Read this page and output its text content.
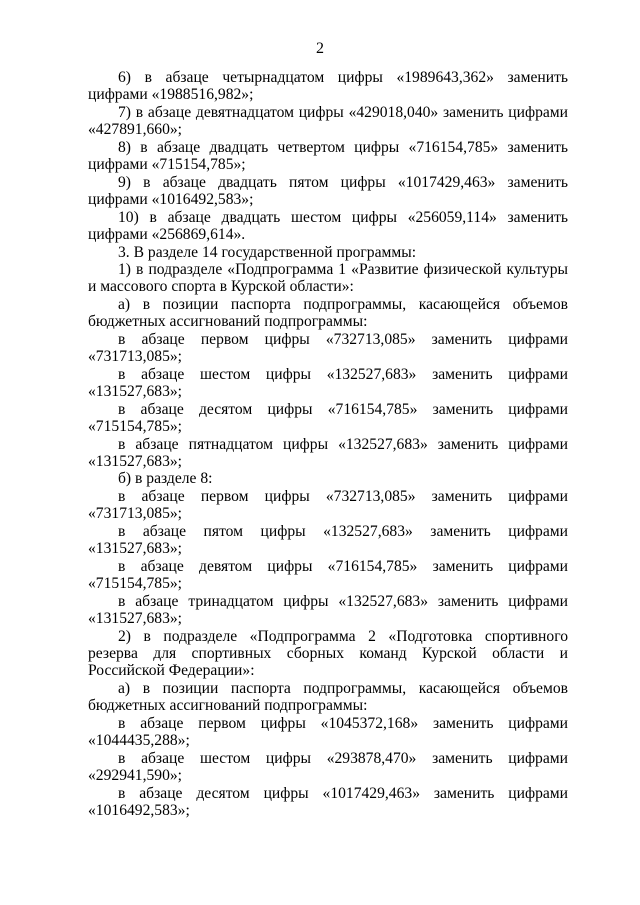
2

6) в абзаце четырнадцатом цифры «1989643,362» заменить цифрами «1988516,982»;

7) в абзаце девятнадцатом цифры «429018,040» заменить цифрами «427891,660»;

8) в абзаце двадцать четвертом цифры «716154,785» заменить цифрами «715154,785»;

9) в абзаце двадцать пятом цифры «1017429,463» заменить цифрами «1016492,583»;

10) в абзаце двадцать шестом цифры «256059,114» заменить цифрами «256869,614».

3. В разделе 14 государственной программы:

1) в подразделе «Подпрограмма 1 «Развитие физической культуры и массового спорта в Курской области»:

а) в позиции паспорта подпрограммы, касающейся объемов бюджетных ассигнований подпрограммы:

в абзаце первом цифры «732713,085» заменить цифрами «731713,085»;

в абзаце шестом цифры «132527,683» заменить цифрами «131527,683»;

в абзаце десятом цифры «716154,785» заменить цифрами «715154,785»;

в абзаце пятнадцатом цифры «132527,683» заменить цифрами «131527,683»;

б) в разделе 8:

в абзаце первом цифры «732713,085» заменить цифрами «731713,085»;

в абзаце пятом цифры «132527,683» заменить цифрами «131527,683»;

в абзаце девятом цифры «716154,785» заменить цифрами «715154,785»;

в абзаце тринадцатом цифры «132527,683» заменить цифрами «131527,683»;

2) в подразделе «Подпрограмма 2 «Подготовка спортивного резерва для спортивных сборных команд Курской области и Российской Федерации»:

а) в позиции паспорта подпрограммы, касающейся объемов бюджетных ассигнований подпрограммы:

в абзаце первом цифры «1045372,168» заменить цифрами «1044435,288»;

в абзаце шестом цифры «293878,470» заменить цифрами «292941,590»;

в абзаце десятом цифры «1017429,463» заменить цифрами «1016492,583»;
